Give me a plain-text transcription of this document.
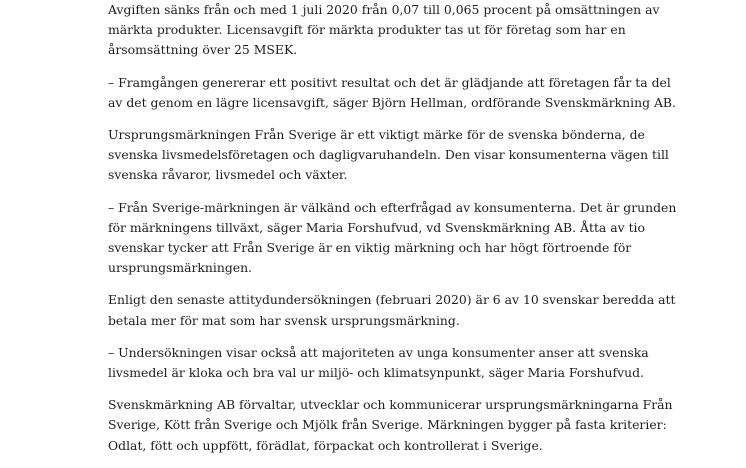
Avgiften sänks från och med 1 juli 2020 från 0,07 till 0,065 procent på omsättningen av
märkta produkter. Licensavgift för märkta produkter tas ut för företag som har en
årsomsättning över 25 MSEK.

– Framgången genererar ett positivt resultat och det är glädjande att företagen får ta del
av det genom en lägre licensavgift, säger Björn Hellman, ordförande Svenskmärkning AB.

Ursprungsmärkningen Från Sverige är ett viktigt märke för de svenska bönderna, de
svenska livsmedelsföretagen och dagligvaruhandeln. Den visar konsumenterna vägen till
svenska råvaror, livsmedel och växter.

– Från Sverige-märkningen är välkänd och efterfrågad av konsumenterna. Det är grunden
för märkningens tillväxt, säger Maria Forshufvud, vd Svenskmärkning AB. Åtta av tio
svenskar tycker att Från Sverige är en viktig märkning och har högt förtroende för
ursprungsmärkningen.

Enligt den senaste attitydundersökningen (februari 2020) är 6 av 10 svenskar beredda att
betala mer för mat som har svensk ursprungsmärkning.

– Undersökningen visar också att majoriteten av unga konsumenter anser att svenska
livsmedel är kloka och bra val ur miljö- och klimatsynpunkt, säger Maria Forshufvud.

Svenskmärkning AB förvaltar, utvecklar och kommunicerar ursprungsmärkningarna Från
Sverige, Kött från Sverige och Mjölk från Sverige. Märkningen bygger på fasta kriterier:
Odlat, fött och uppfött, förädlat, förpackat och kontrollerat i Sverige.
